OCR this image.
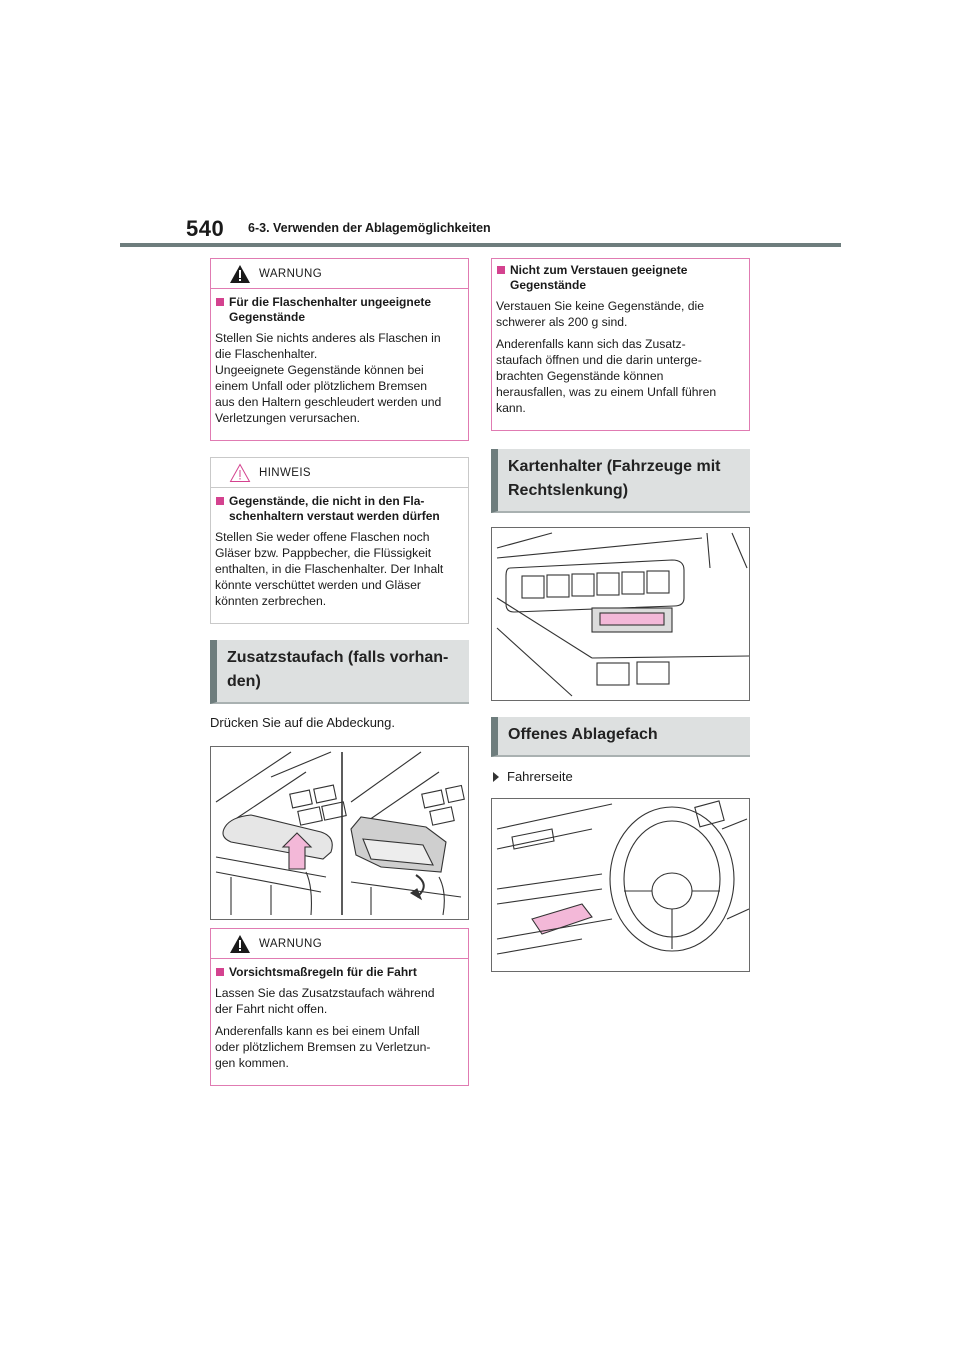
540 6-3. Verwenden der Ablagemöglichkeiten
WARNUNG
Für die Flaschenhalter ungeeignete Gegenstände
Stellen Sie nichts anderes als Flaschen in
die Flaschenhalter.
Ungeeignete Gegenstände können bei
einem Unfall oder plötzlichem Bremsen
aus den Haltern geschleudert werden und
Verletzungen verursachen.
HINWEIS
Gegenstände, die nicht in den Fla-
schenhaltern verstaut werden dürfen
Stellen Sie weder offene Flaschen noch
Gläser bzw. Pappbecher, die Flüssigkeit
enthalten, in die Flaschenhalter. Der Inhalt
könnte verschüttet werden und Gläser
könnten zerbrechen.
Zusatzstaufach (falls vorhan-
den)
Drücken Sie auf die Abdeckung.
WARNUNG
Vorsichtsmaßregeln für die Fahrt
Lassen Sie das Zusatzstaufach während
der Fahrt nicht offen.
Anderenfalls kann es bei einem Unfall
oder plötzlichem Bremsen zu Verletzun-
gen kommen.
Nicht zum Verstauen geeignete Gegenstände
Verstauen Sie keine Gegenstände, die
schwerer als 200 g sind.
Anderenfalls kann sich das Zusatz-
staufach öffnen und die darin unterge-
brachten Gegenstände können
herausfallen, was zu einem Unfall führen
kann.
Kartenhalter (Fahrzeuge mit
Rechtslenkung)
Offenes Ablagefach
Fahrerseite
